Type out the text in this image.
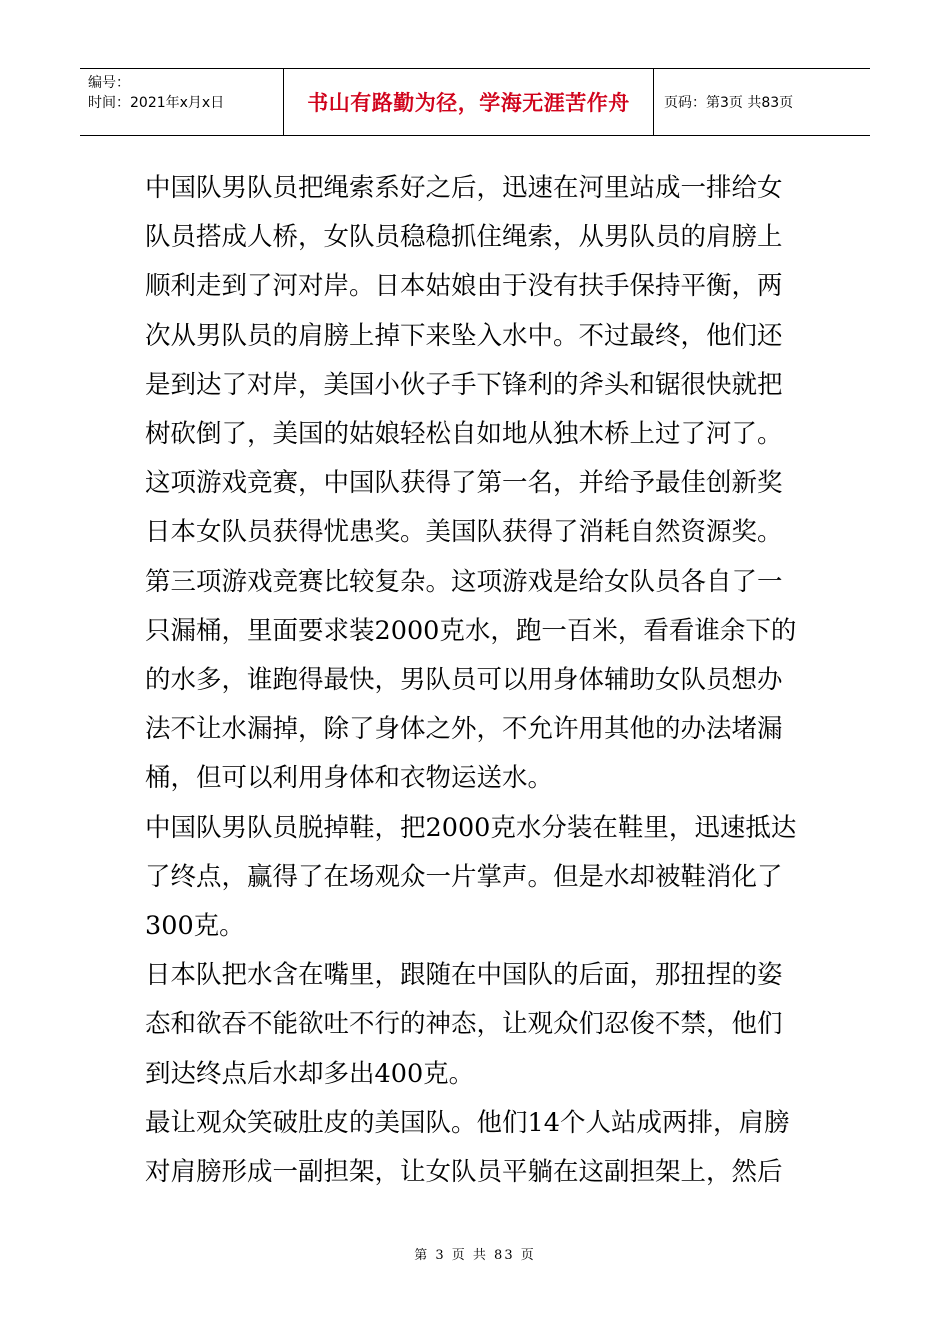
编号：
时间：2021年x月x日	书山有路勤为径，学海无涯苦作舟	页码：第3页 共83页

中国队男队员把绳索系好之后，迅速在河里站成一排给女

队员搭成人桥，女队员稳稳抓住绳索，从男队员的肩膀上

顺利走到了河对岸。日本姑娘由于没有扶手保持平衡，两

次从男队员的肩膀上掉下来坠入水中。不过最终，他们还

是到达了对岸，美国小伙子手下锋利的斧头和锯很快就把

树砍倒了，美国的姑娘轻松自如地从独木桥上过了河了。

这项游戏竞赛，中国队获得了第一名，并给予最佳创新奖

日本女队员获得忧患奖。美国队获得了消耗自然资源奖。

第三项游戏竞赛比较复杂。这项游戏是给女队员各自了一

只漏桶，里面要求装2000克水，跑一百米，看看谁余下的

的水多，谁跑得最快，男队员可以用身体辅助女队员想办

法不让水漏掉，除了身体之外，不允许用其他的办法堵漏

桶，但可以利用身体和衣物运送水。

中国队男队员脱掉鞋，把2000克水分装在鞋里，迅速抵达

了终点，赢得了在场观众一片掌声。但是水却被鞋消化了

300克。

日本队把水含在嘴里，跟随在中国队的后面，那扭捏的姿

态和欲吞不能欲吐不行的神态，让观众们忍俊不禁，他们

到达终点后水却多出400克。

最让观众笑破肚皮的美国队。他们14个人站成两排，肩膀

对肩膀形成一副担架，让女队员平躺在这副担架上，然后

第 3 页 共 83 页
